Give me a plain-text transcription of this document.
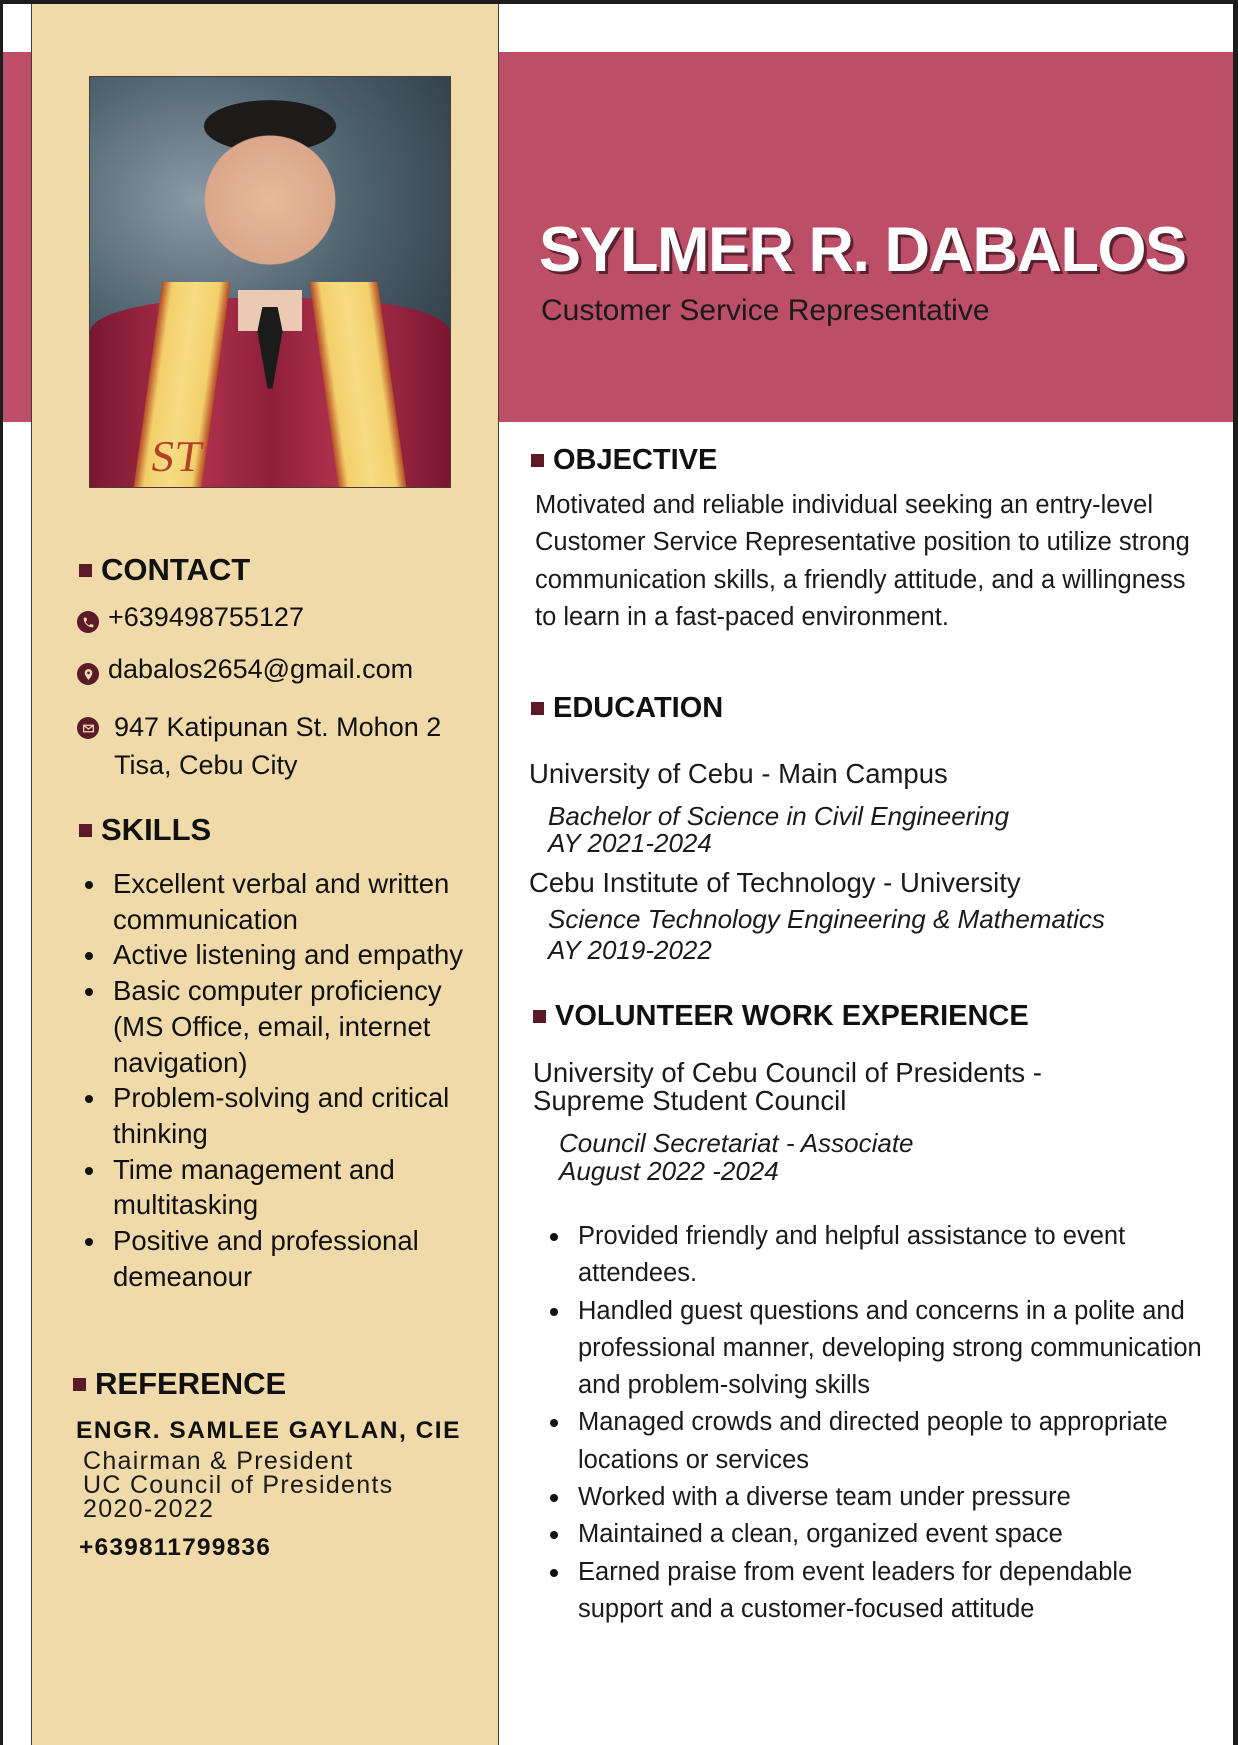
ST
SYLMER R. DABALOS
Customer Service Representative
CONTACT
+639498755127
dabalos2654@gmail.com
947 Katipunan St. Mohon 2 Tisa, Cebu City
SKILLS
Excellent verbal and written communication
Active listening and empathy
Basic computer proficiency (MS Office, email, internet navigation)
Problem-solving and critical thinking
Time management and multitasking
Positive and professional demeanour
REFERENCE
ENGR. SAMLEE GAYLAN, CIE
Chairman & President
UC Council of Presidents
2020-2022
+639811799836
OBJECTIVE
Motivated and reliable individual seeking an entry-level Customer Service Representative position to utilize strong communication skills, a friendly attitude, and a willingness to learn in a fast-paced environment.
EDUCATION
University of Cebu - Main Campus
Bachelor of Science in Civil Engineering
AY 2021-2024
Cebu Institute of Technology - University
Science Technology Engineering & Mathematics
AY 2019-2022
VOLUNTEER WORK EXPERIENCE
University of Cebu Council of Presidents - Supreme Student Council
Council Secretariat - Associate
August 2022 -2024
Provided friendly and helpful assistance to event attendees.
Handled guest questions and concerns in a polite and professional manner, developing strong communication and problem-solving skills
Managed crowds and directed people to appropriate locations or services
Worked with a diverse team under pressure
Maintained a clean, organized event space
Earned praise from event leaders for dependable support and a customer-focused attitude
